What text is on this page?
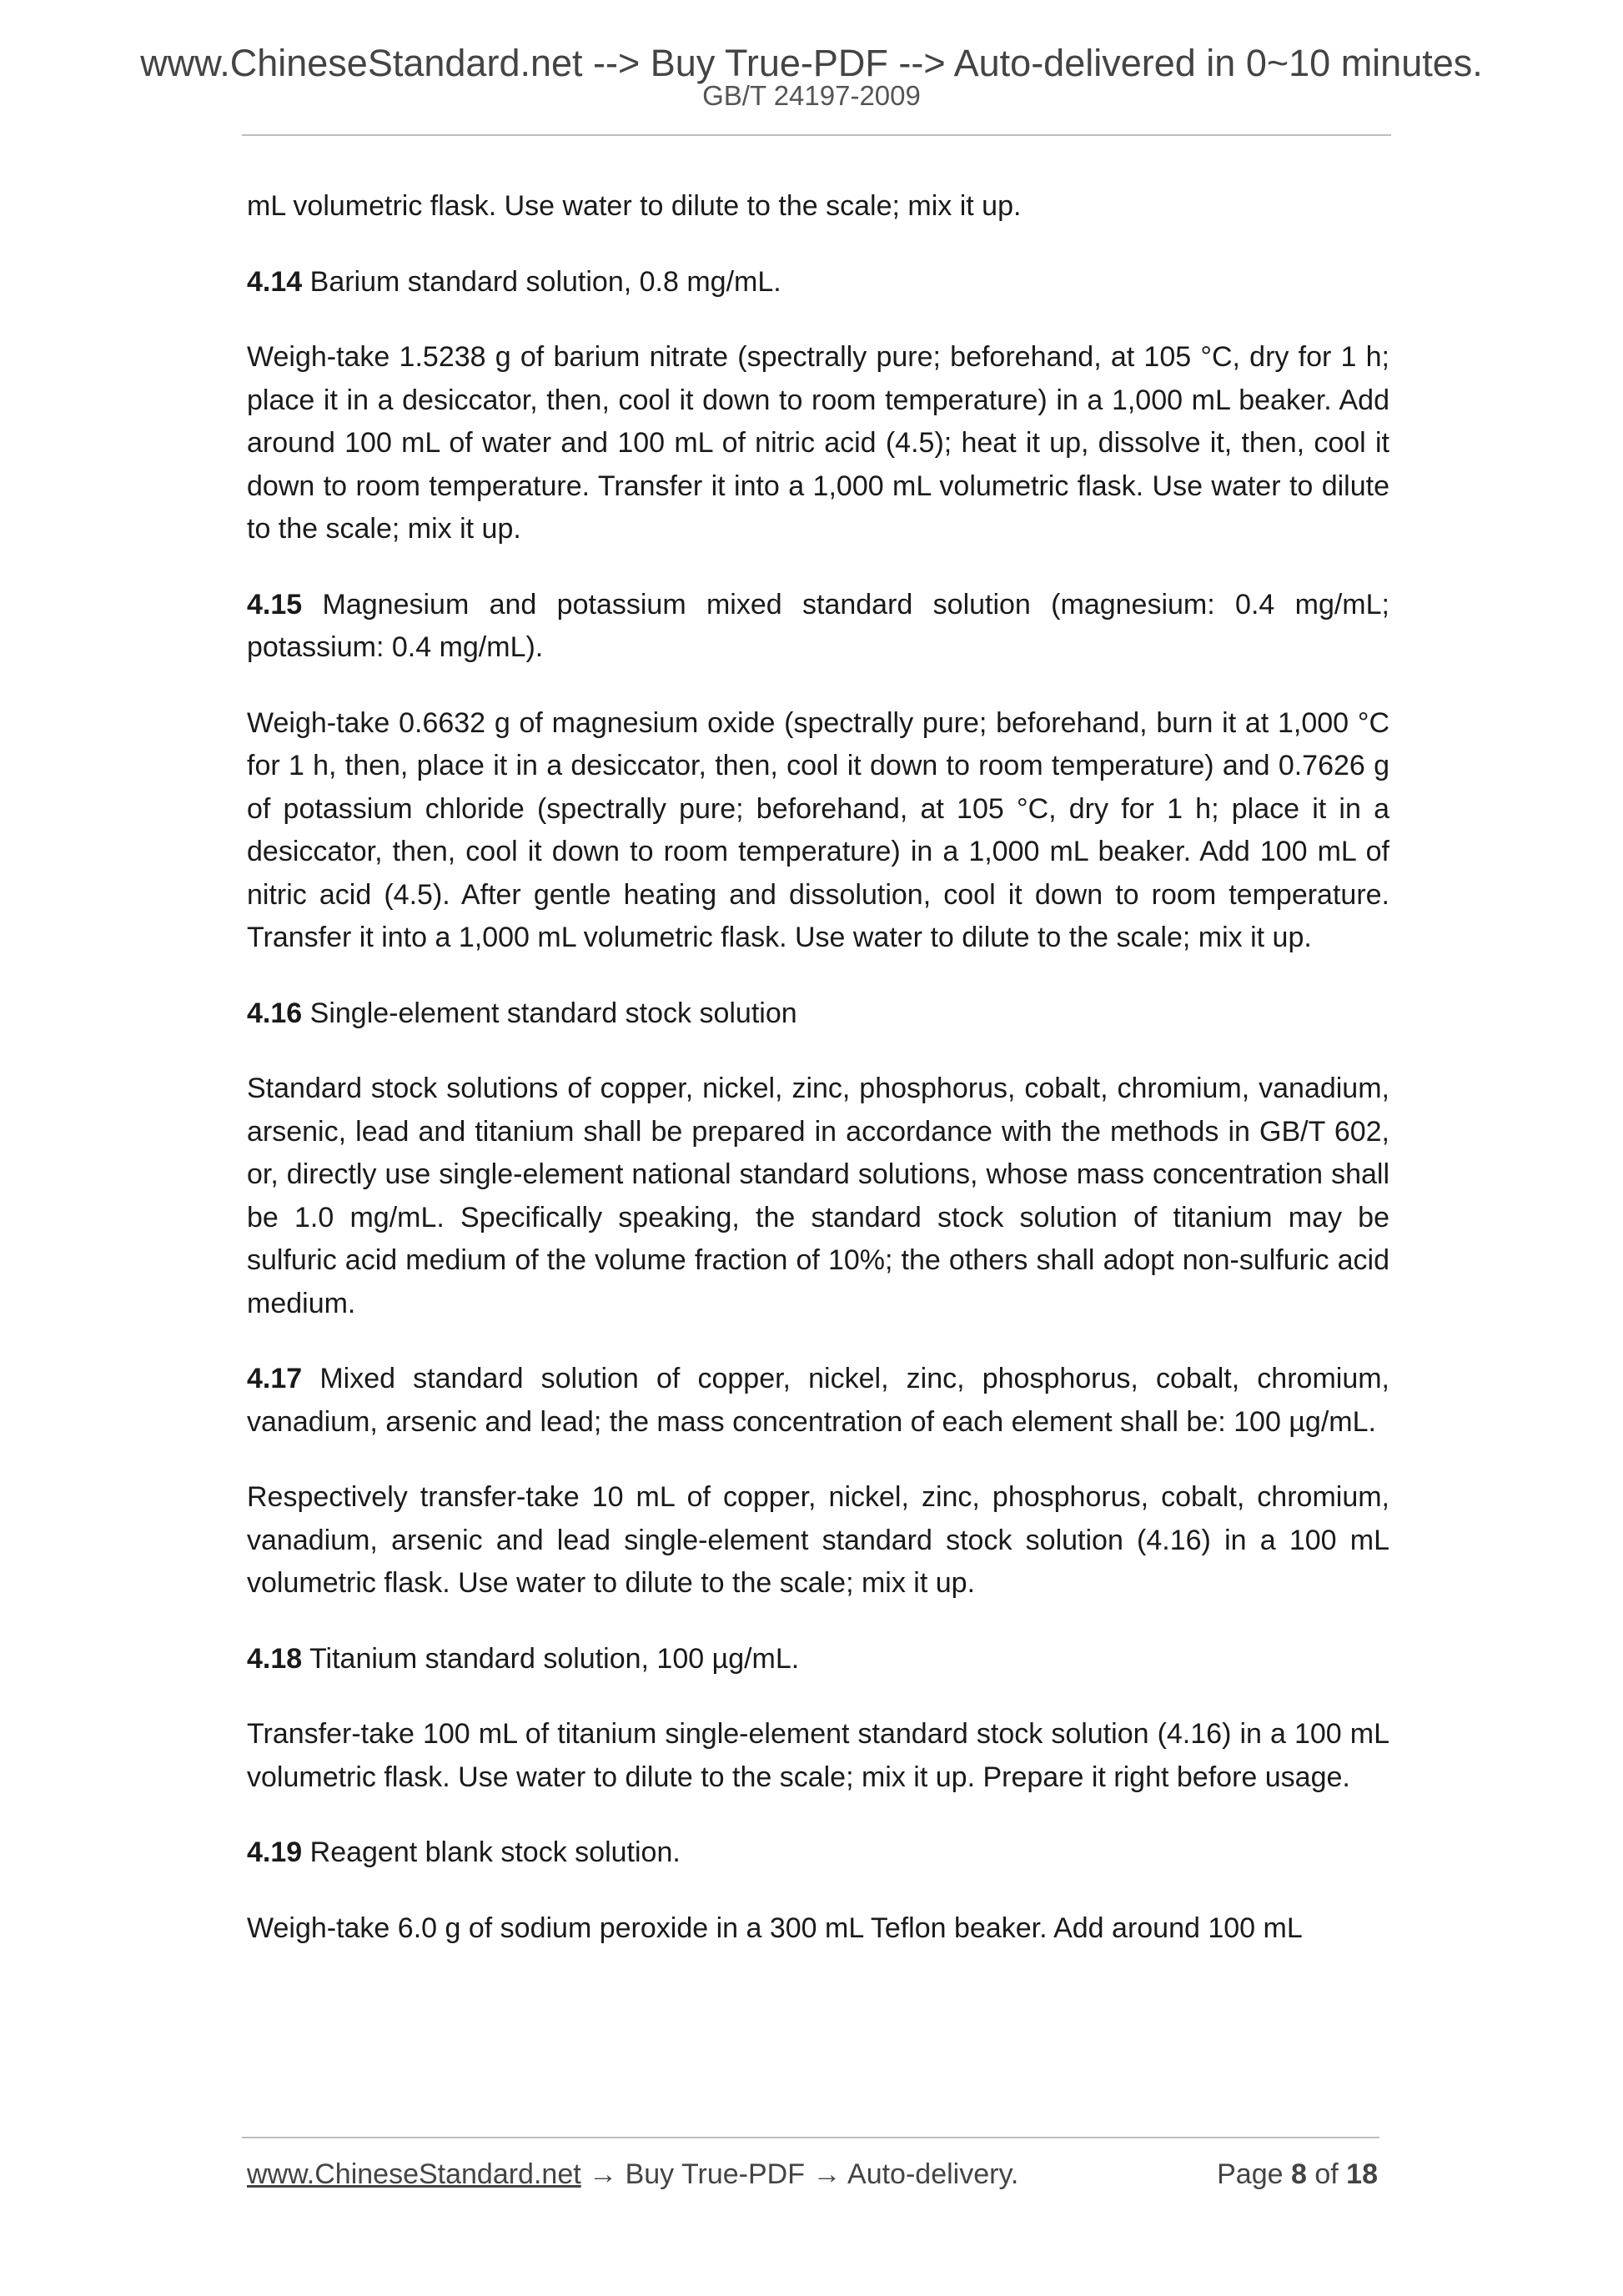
www.ChineseStandard.net --> Buy True-PDF --> Auto-delivered in 0~10 minutes.
GB/T 24197-2009

mL volumetric flask. Use water to dilute to the scale; mix it up.

4.14 Barium standard solution, 0.8 mg/mL.

Weigh-take 1.5238 g of barium nitrate (spectrally pure; beforehand, at 105 °C, dry for 1 h; place it in a desiccator, then, cool it down to room temperature) in a 1,000 mL beaker. Add around 100 mL of water and 100 mL of nitric acid (4.5); heat it up, dissolve it, then, cool it down to room temperature. Transfer it into a 1,000 mL volumetric flask. Use water to dilute to the scale; mix it up.

4.15 Magnesium and potassium mixed standard solution (magnesium: 0.4 mg/mL; potassium: 0.4 mg/mL).

Weigh-take 0.6632 g of magnesium oxide (spectrally pure; beforehand, burn it at 1,000 °C for 1 h, then, place it in a desiccator, then, cool it down to room temperature) and 0.7626 g of potassium chloride (spectrally pure; beforehand, at 105 °C, dry for 1 h; place it in a desiccator, then, cool it down to room temperature) in a 1,000 mL beaker. Add 100 mL of nitric acid (4.5). After gentle heating and dissolution, cool it down to room temperature. Transfer it into a 1,000 mL volumetric flask. Use water to dilute to the scale; mix it up.

4.16 Single-element standard stock solution

Standard stock solutions of copper, nickel, zinc, phosphorus, cobalt, chromium, vanadium, arsenic, lead and titanium shall be prepared in accordance with the methods in GB/T 602, or, directly use single-element national standard solutions, whose mass concentration shall be 1.0 mg/mL. Specifically speaking, the standard stock solution of titanium may be sulfuric acid medium of the volume fraction of 10%; the others shall adopt non-sulfuric acid medium.

4.17 Mixed standard solution of copper, nickel, zinc, phosphorus, cobalt, chromium, vanadium, arsenic and lead; the mass concentration of each element shall be: 100 µg/mL.

Respectively transfer-take 10 mL of copper, nickel, zinc, phosphorus, cobalt, chromium, vanadium, arsenic and lead single-element standard stock solution (4.16) in a 100 mL volumetric flask. Use water to dilute to the scale; mix it up.

4.18 Titanium standard solution, 100 µg/mL.

Transfer-take 100 mL of titanium single-element standard stock solution (4.16) in a 100 mL volumetric flask. Use water to dilute to the scale; mix it up. Prepare it right before usage.

4.19 Reagent blank stock solution.

Weigh-take 6.0 g of sodium peroxide in a 300 mL Teflon beaker. Add around 100 mL

www.ChineseStandard.net → Buy True-PDF → Auto-delivery.	Page 8 of 18
